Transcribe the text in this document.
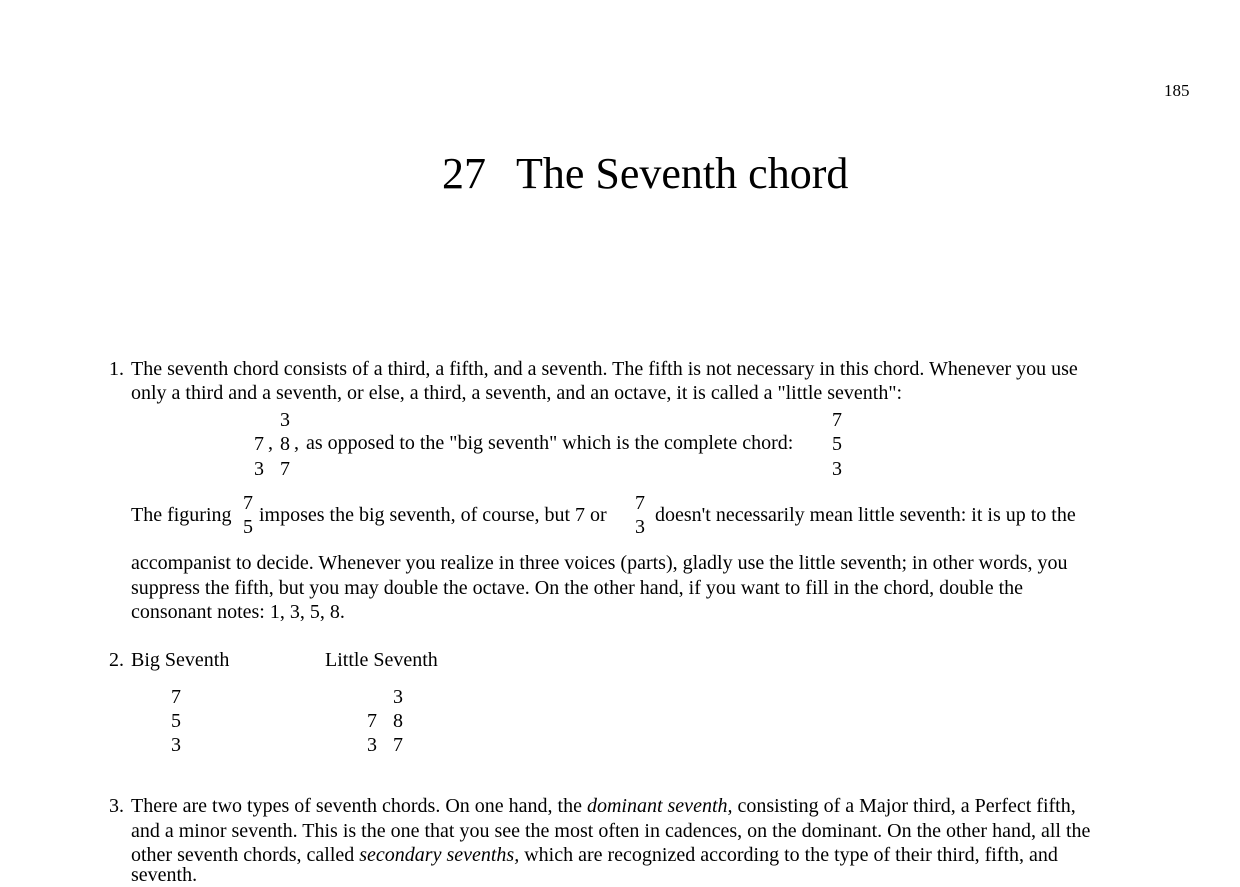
185
27 The Seventh chord
1. The seventh chord consists of a third, a fifth, and a seventh. The fifth is not necessary in this chord. Whenever you use
only a third and a seventh, or else, a third, a seventh, and an octave, it is called a "little seventh":
7
3
,
3
8
7
, as opposed to the "big seventh" which is the complete chord:
7
5
3
The figuring
7
5
imposes the big seventh, of course, but 7 or
7
3
doesn't necessarily mean little seventh: it is up to the
accompanist to decide. Whenever you realize in three voices (parts), gladly use the little seventh; in other words, you
suppress the fifth, but you may double the octave. On the other hand, if you want to fill in the chord, double the
consonant notes: 1, 3, 5, 8.
2. Big Seventh	Little Seventh
7
5
3
7
3
3
8
7
3. There are two types of seventh chords. On one hand, the dominant seventh, consisting of a Major third, a Perfect fifth,
and a minor seventh. This is the one that you see the most often in cadences, on the dominant. On the other hand, all the
other seventh chords, called secondary sevenths, which are recognized according to the type of their third, fifth, and
seventh.
